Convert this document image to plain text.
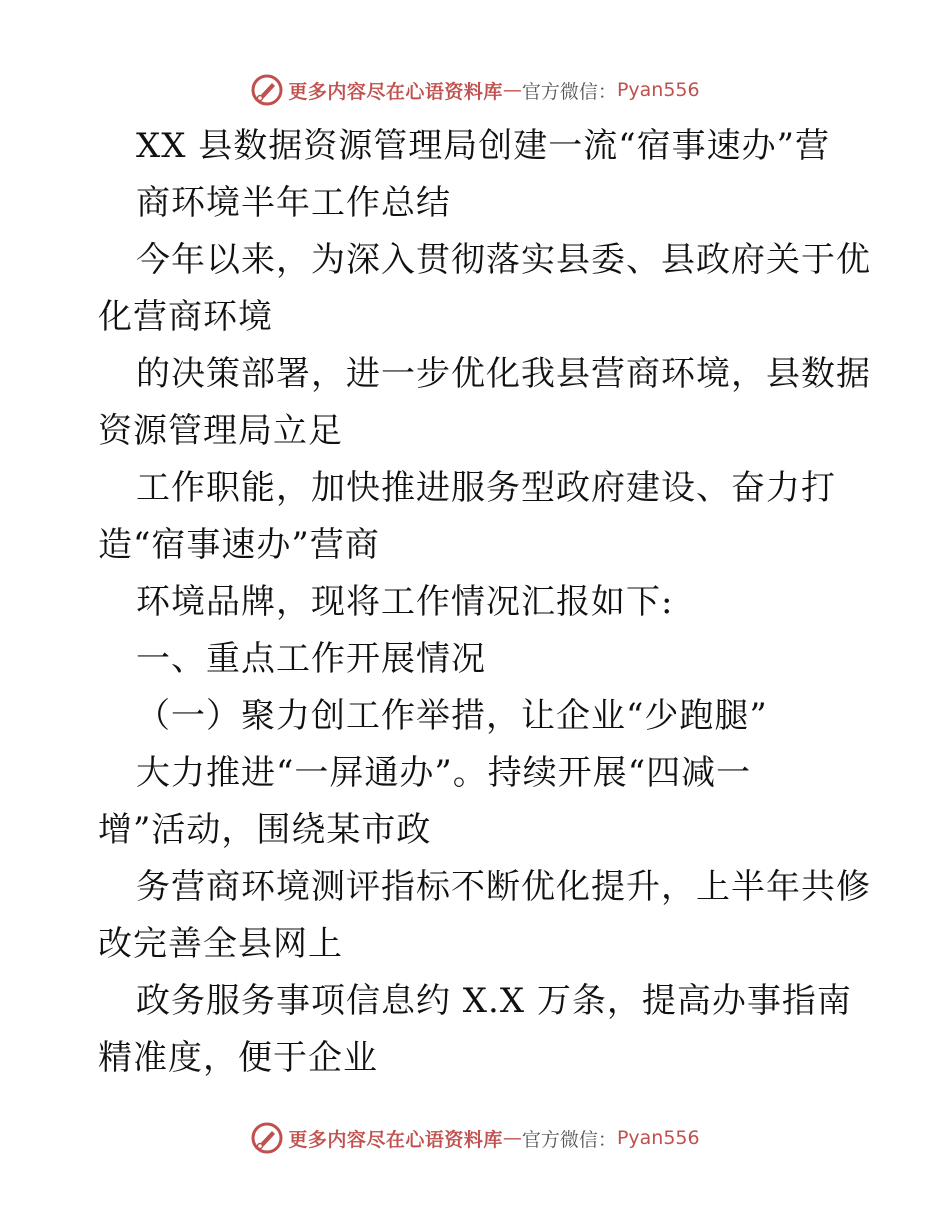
更多内容尽在心语资料库 — 官方微信： Pyan556
XX 县数据资源管理局创建一流“宿事速办”营
商环境半年工作总结
今年以来，为深入贯彻落实县委、县政府关于优
化营商环境
的决策部署，进一步优化我县营商环境，县数据
资源管理局立足
工作职能，加快推进服务型政府建设、奋力打
造“宿事速办”营商
环境品牌，现将工作情况汇报如下:
一、重点工作开展情况
（一）聚力创工作举措，让企业“少跑腿”
大力推进“一屏通办”。持续开展“四减一
增”活动，围绕某市政
务营商环境测评指标不断优化提升，上半年共修
改完善全县网上
政务服务事项信息约 X.X 万条，提高办事指南
精准度，便于企业
更多内容尽在心语资料库 — 官方微信： Pyan556
